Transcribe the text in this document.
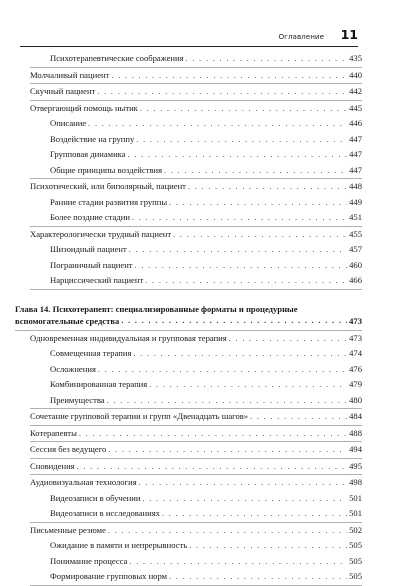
Оглавление 11
Психотерапевтические соображения . . .	435
Молчаливый пациент . . .	440
Скучный пациент . . .	442
Отвергающий помощь нытик . . .	445
Описание . . .	446
Воздействие на группу . . .	447
Групповая динамика . . .	447
Общие принципы воздействия . . .	447
Психотический, или биполярный, пациент . . .	448
Ранние стадии развития группы . . .	449
Более поздние стадии . . .	451
Характерологически трудный пациент . . .	455
Шизоидный пациент . . .	457
Пограничный пациент . . .	460
Нарциссический пациент . . .	466
Глава 14. Психотерапевт: специализированные форматы и процедурные
вспомогательные средства . . .	473
Одновременная индивидуальная и групповая терапия . . .	473
Совмещенная терапия . . .	474
Осложнения . . .	476
Комбинированная терапия . . .	479
Преимущества . . .	480
Сочетание групповой терапии и групп «Двенадцать шагов» . . .	484
Котерапевты . . .	488
Сессия без ведущего . . .	494
Сновидения . . .	495
Аудиовизуальная технология . . .	498
Видеозаписи в обучении . . .	501
Видеозаписи в исследованиях . . .	501
Письменные резюме . . .	502
Ожидание в памяти и непрерывность . . .	505
Понимание процесса . . .	505
Формирование групповых норм . . .	505
